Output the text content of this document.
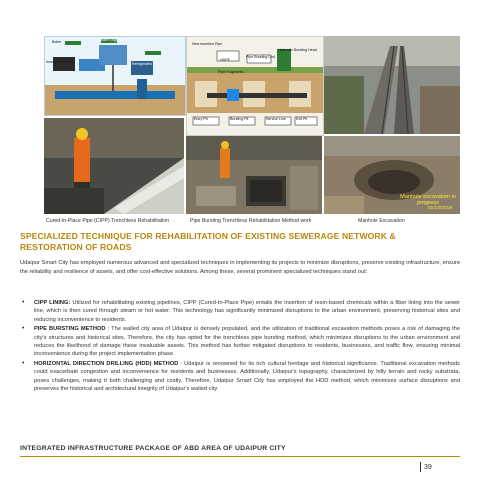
Manhole excavation in progress
01/10/2019
Cured-In-Place Pipe (CIPP) Trenchless Rehabilitation	Pipe Bursting Trenchless Rehabilitation Method work	Manhole Excavation
SPECIALIZED TECHNIQUE FOR REHABILITATION OF EXISTING SEWERAGE NETWORK & RESTORATION OF ROADS
Udaipur Smart City has employed numerous advanced and specialized techniques in implementing its projects to minimize disruptions, preserve existing infrastructure, ensure the reliability and resilience of assets, and offer cost-effective solutions. Among these, several prominent specialized techniques stand out:
• CIPP LINING: Utilized for rehabilitating existing pipelines, CIPP (Cured-In-Place Pipe) entails the insertion of resin-based chemicals within a fiber lining into the sewer line, which is then cured through steam or hot water. This technology has significantly minimized disruptions to the urban environment, preserving historical sites and reducing inconvenience to residents.
• PIPE BURSTING METHOD : The walled city area of Udaipur is densely populated, and the utilization of traditional excavation methods poses a risk of damaging the city's structures and historical sites. Therefore, the city has opted for the trenchless pipe bursting method, which minimizes disruptions to the urban environment and reduces the likelihood of damage these invaluable assets. This method has further mitigated disruptions to residents, businesses, and traffic flow, ensuring minimal inconvenience during the project implementation phase.
• HORIZONTAL DIRECTION DRILLING (HDD) METHOD : Udaipur is renowned for its rich cultural heritage and historical significance. Traditional excavation methods could exacerbate congestion and inconvenience for residents and businesses. Additionally, Udaipur's topography, characterized by hilly terrain and rocky substrata, poses challenges, making it both challenging and costly. Therefore, Udaipur Smart City has employed the HDD method, which minimizes surface disruptions and preserves the historical and architectural integrity of Udaipur's walled city.
INTEGRATED INFRASTRUCTURE PACKAGE OF ABD AREA OF UDAIPUR CITY
39
Steam Engine
Inversion Drum
Boiler
Refrigerated Truck
New Insertion Pipe
HDPE
Pipe Bursting Unit
Hydraulic Bursting Head
Pipe Fragments
Entry Pit	Bursting Pit	Service Line	Exit Pit
